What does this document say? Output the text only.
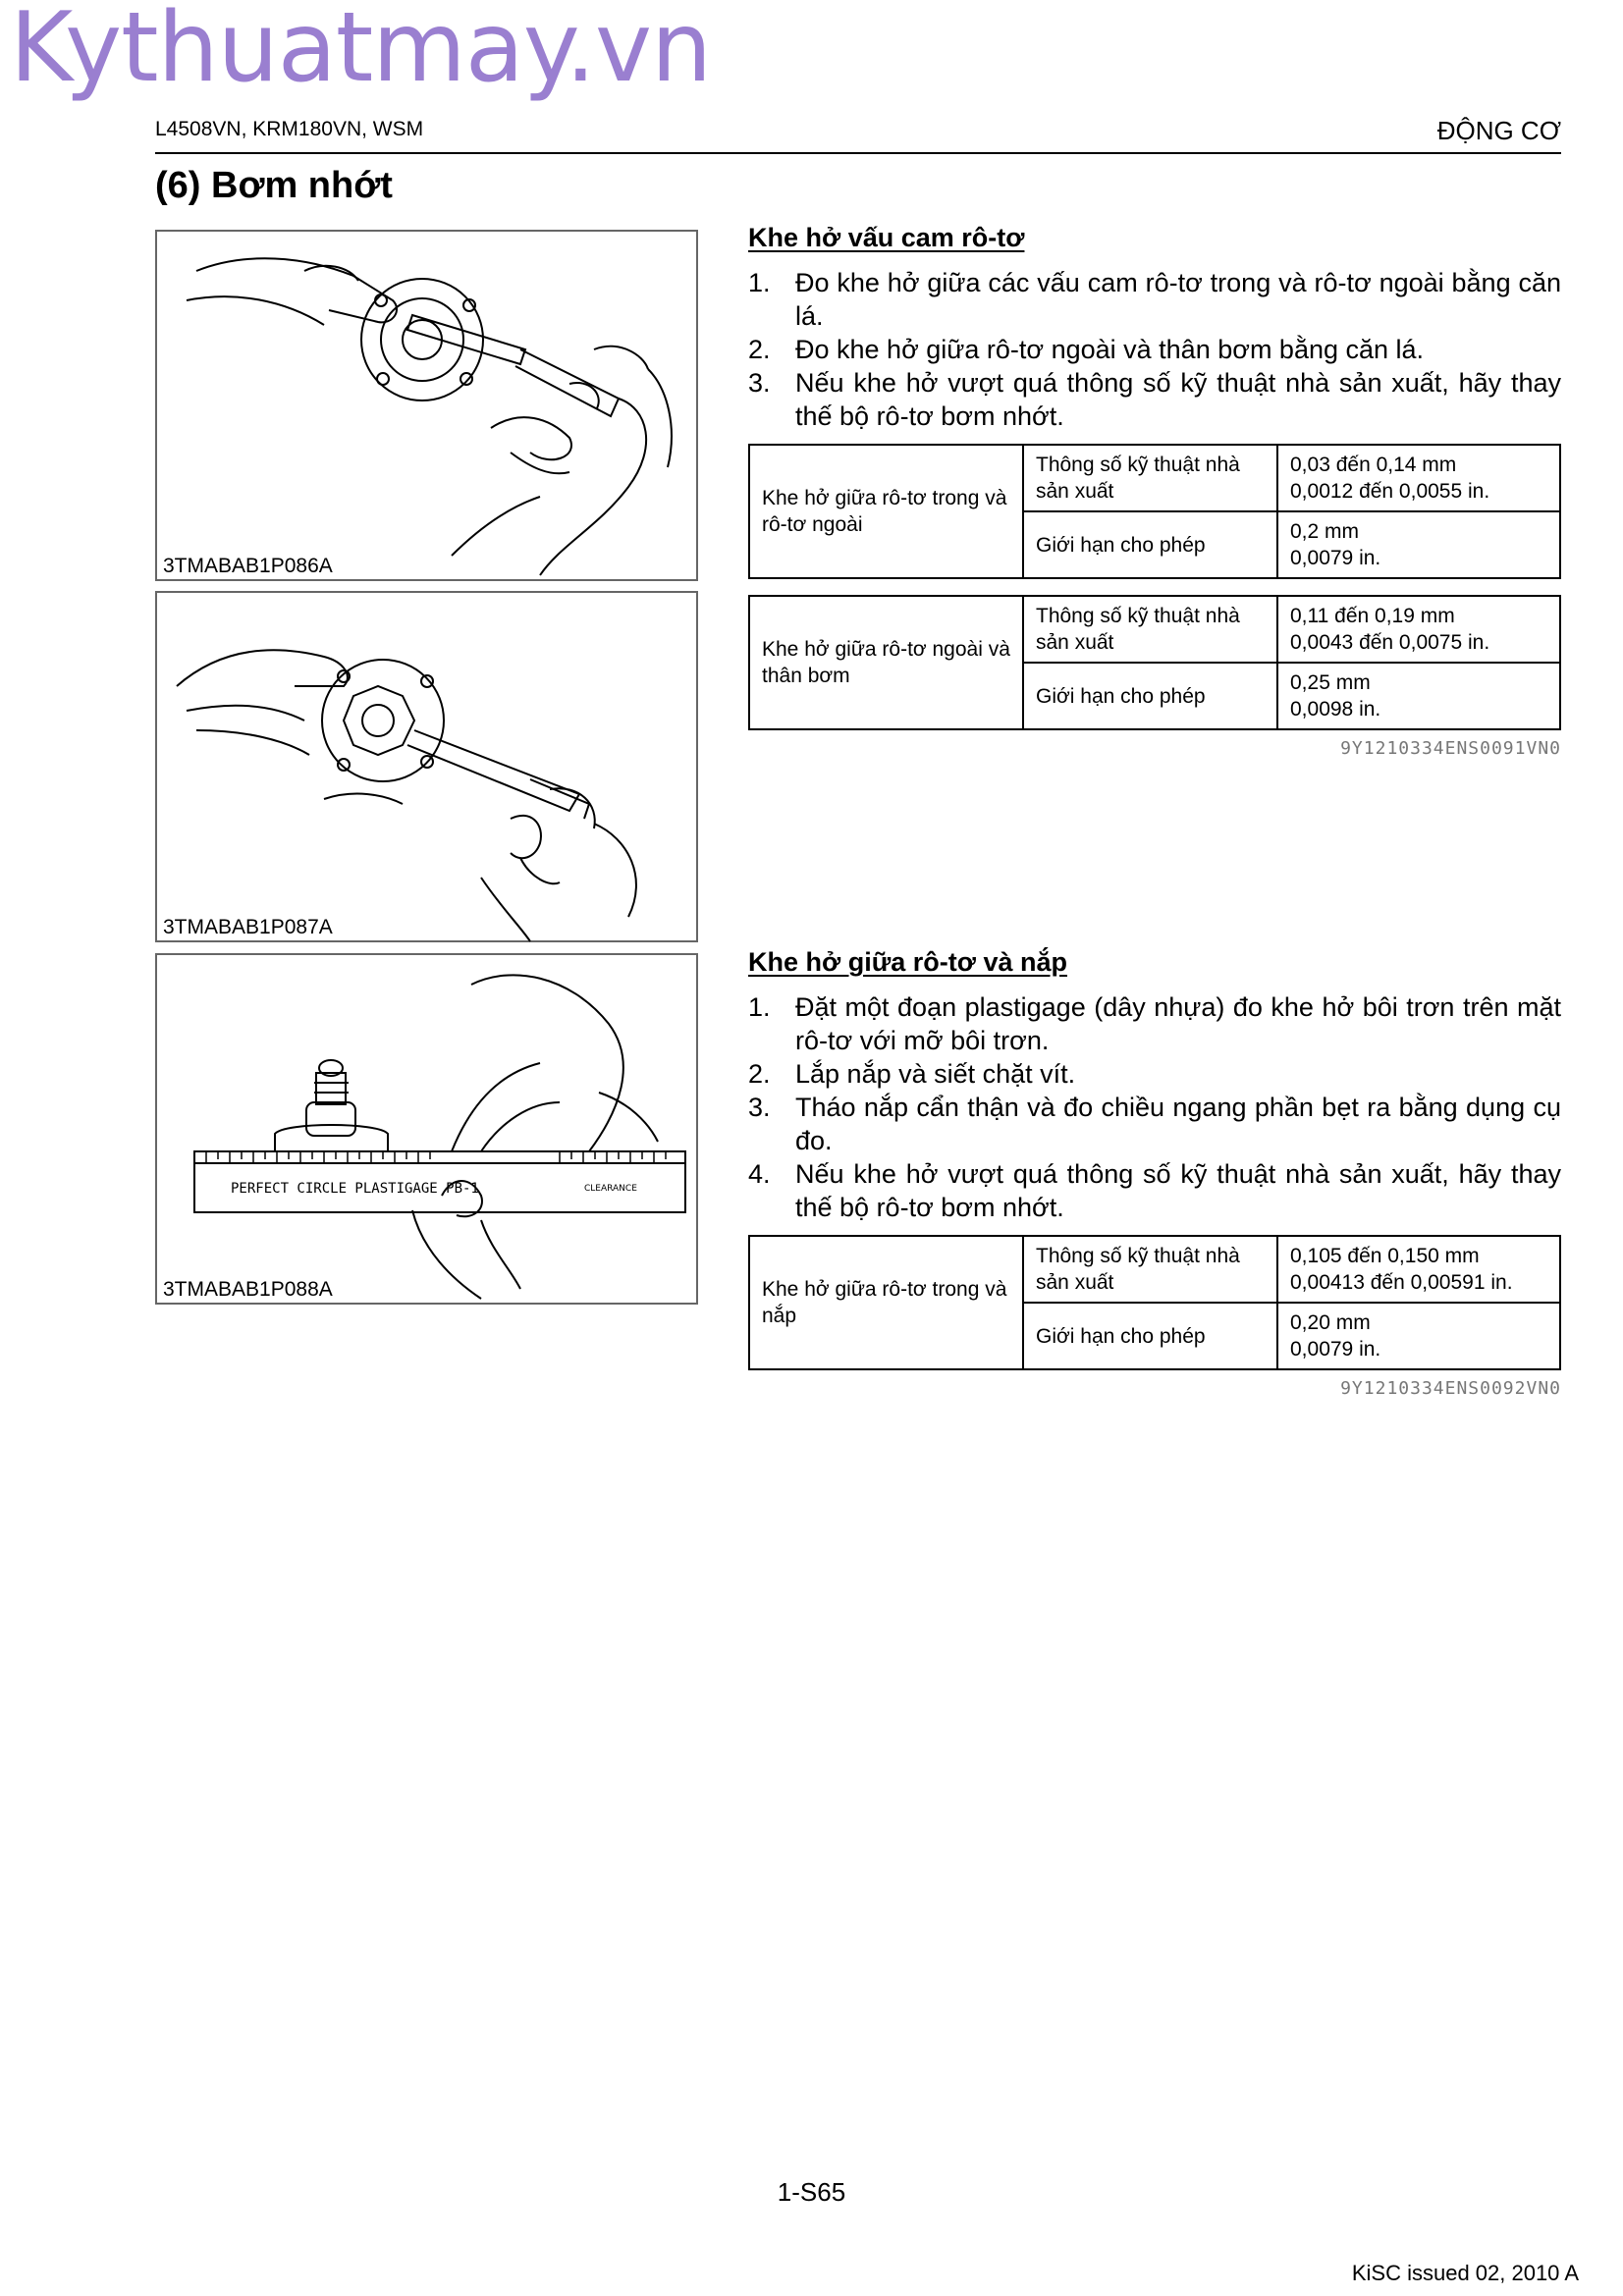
Kythuatmay.vn
L4508VN, KRM180VN, WSM	ĐỘNG CƠ
(6) Bơm nhớt
3TMABAB1P086A
3TMABAB1P087A
PERFECT CIRCLE PLASTIGAGE PB-1	CLEARANCE
3TMABAB1P088A
Khe hở vấu cam rô-tơ
1. Đo khe hở giữa các vấu cam rô-tơ trong và rô-tơ ngoài bằng căn lá.
2. Đo khe hở giữa rô-tơ ngoài và thân bơm bằng căn lá.
3. Nếu khe hở vượt quá thông số kỹ thuật nhà sản xuất, hãy thay thế bộ rô-tơ bơm nhớt.
Khe hở giữa rô-tơ trong và rô-tơ ngoài	Thông số kỹ thuật nhà sản xuất	0,03 đến 0,14 mm
0,0012 đến 0,0055 in.

	Giới hạn cho phép	0,2 mm
0,0079 in.
Khe hở giữa rô-tơ ngoài và thân bơm	Thông số kỹ thuật nhà sản xuất	0,11 đến 0,19 mm
0,0043 đến 0,0075 in.

	Giới hạn cho phép	0,25 mm
0,0098 in.
9Y1210334ENS0091VN0
Khe hở giữa rô-tơ và nắp
1. Đặt một đoạn plastigage (dây nhựa) đo khe hở bôi trơn trên mặt rô-tơ với mỡ bôi trơn.
2. Lắp nắp và siết chặt vít.
3. Tháo nắp cẩn thận và đo chiều ngang phần bẹt ra bằng dụng cụ đo.
4. Nếu khe hở vượt quá thông số kỹ thuật nhà sản xuất, hãy thay thế bộ rô-tơ bơm nhớt.
Khe hở giữa rô-tơ trong và nắp	Thông số kỹ thuật nhà sản xuất	0,105 đến 0,150 mm
0,00413 đến 0,00591 in.

	Giới hạn cho phép	0,20 mm
0,0079 in.
9Y1210334ENS0092VN0
1-S65
KiSC issued 02, 2010 A
